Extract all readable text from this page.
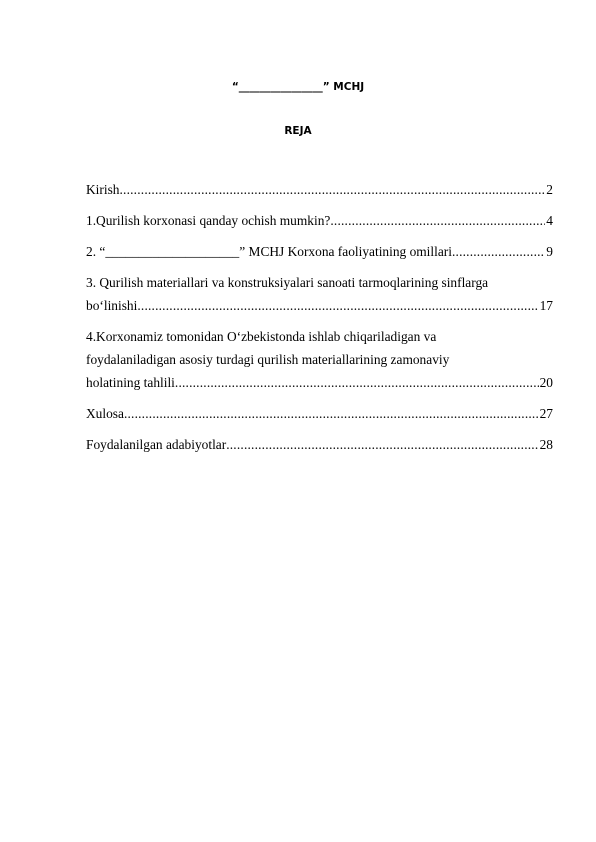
“________________” MCHJ
REJA
Kirish .....	2
1.Qurilish korxonasi qanday ochish mumkin? .....	4
2. “____________________” MCHJ Korxona faoliyatining omillari .....	9
3. Qurilish materiallari va konstruksiyalari sanoati tarmoqlarining sinflarga
bo‘linishi .....	17
4.Korxonamiz tomonidan O‘zbekistonda ishlab chiqariladigan va
foydalaniladigan asosiy turdagi qurilish materiallarining zamonaviy
holatining tahlili .....	20
Xulosa .....	27
Foydalanilgan adabiyotlar .....	28
